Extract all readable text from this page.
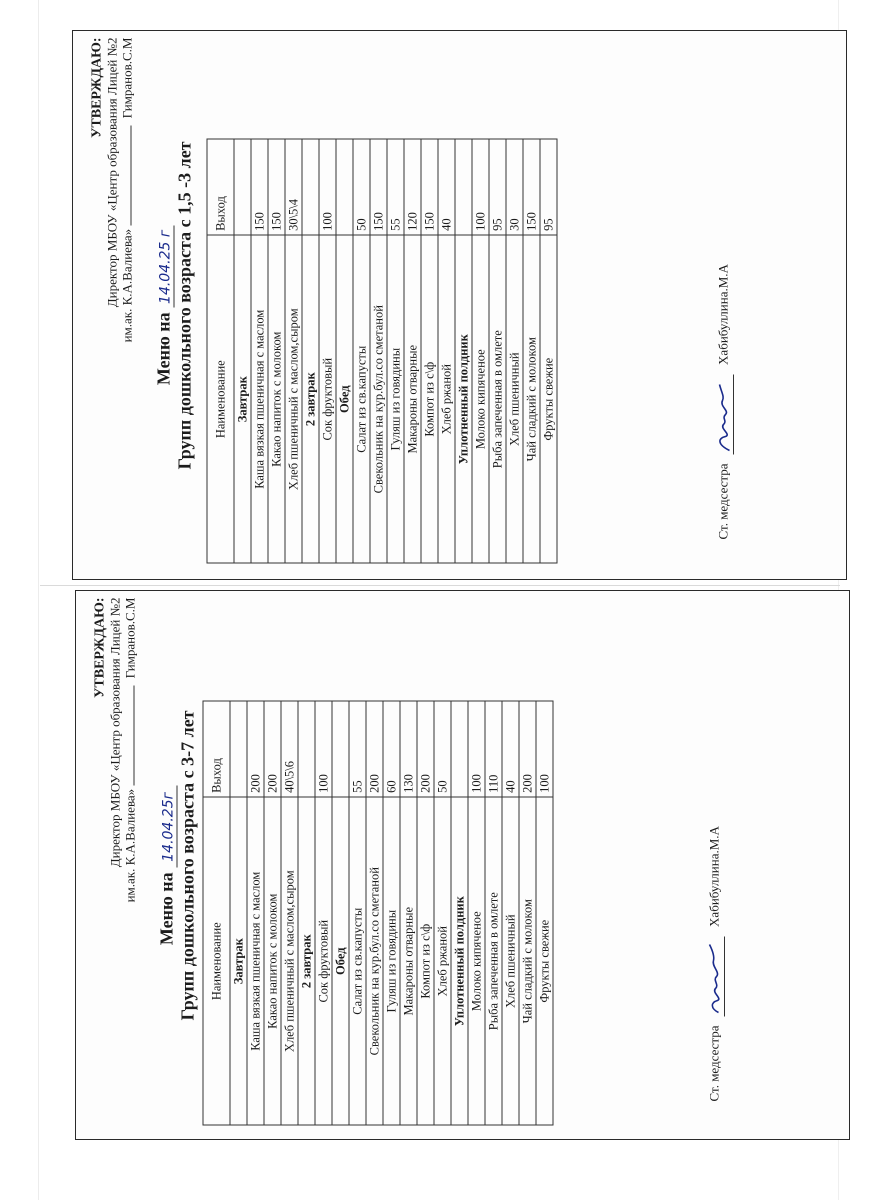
УТВЕРЖДАЮ: Директор МБОУ «Центр образования Лицей №2 им.ак. К.А.Валиева»  Гимранов.С.М
Меню на 14.04.25 г Групп дошкольного возраста с 1,5 -3 лет Наименование	Выход
Завтрак	
Каша вязкая пшеничная с маслом	150
Какао напиток с молоком	150
Хлеб пшеничный с маслом,сыром	30\5\4
2 завтрак	
Сок фруктовый	100
Обед	
Салат из св.капусты	50
Свекольник на кур.бул.со сметаной	150
Гуляш из говядины	55
Макароны отварные	120
Компот из с\ф	150
Хлеб ржаной	40
Уплотненный полдник	
Молоко кипяченое	100
Рыба запеченная в омлете	95
Хлеб пшеничный	30
Чай сладкий с молоком	150
Фрукты свежие	95
Ст. медсестра
Хабибуллина.М.А
УТВЕРЖДАЮ: Директор МБОУ «Центр образования Лицей №2 им.ак. К.А.Валиева»  Гимранов.С.М
Меню на 14.04.25г Групп дошкольного возраста с 3-7 лет Наименование	Выход
Завтрак	
Каша вязкая пшеничная с маслом	200
Какао напиток с молоком	200
Хлеб пшеничный с маслом,сыром	40\5\6
2 завтрак	
Сок фруктовый	100
Обед	
Салат из св.капусты	55
Свекольник на кур.бул.со сметаной	200
Гуляш из говядины	60
Макароны отварные	130
Компот из с\ф	200
Хлеб ржаной	50
Уплотненный полдник	
Молоко кипяченое	100
Рыба запеченная в омлете	110
Хлеб пшеничный	40
Чай сладкий с молоком	200
Фрукты свежие	100
Ст. медсестра
Хабибуллина.М.А
